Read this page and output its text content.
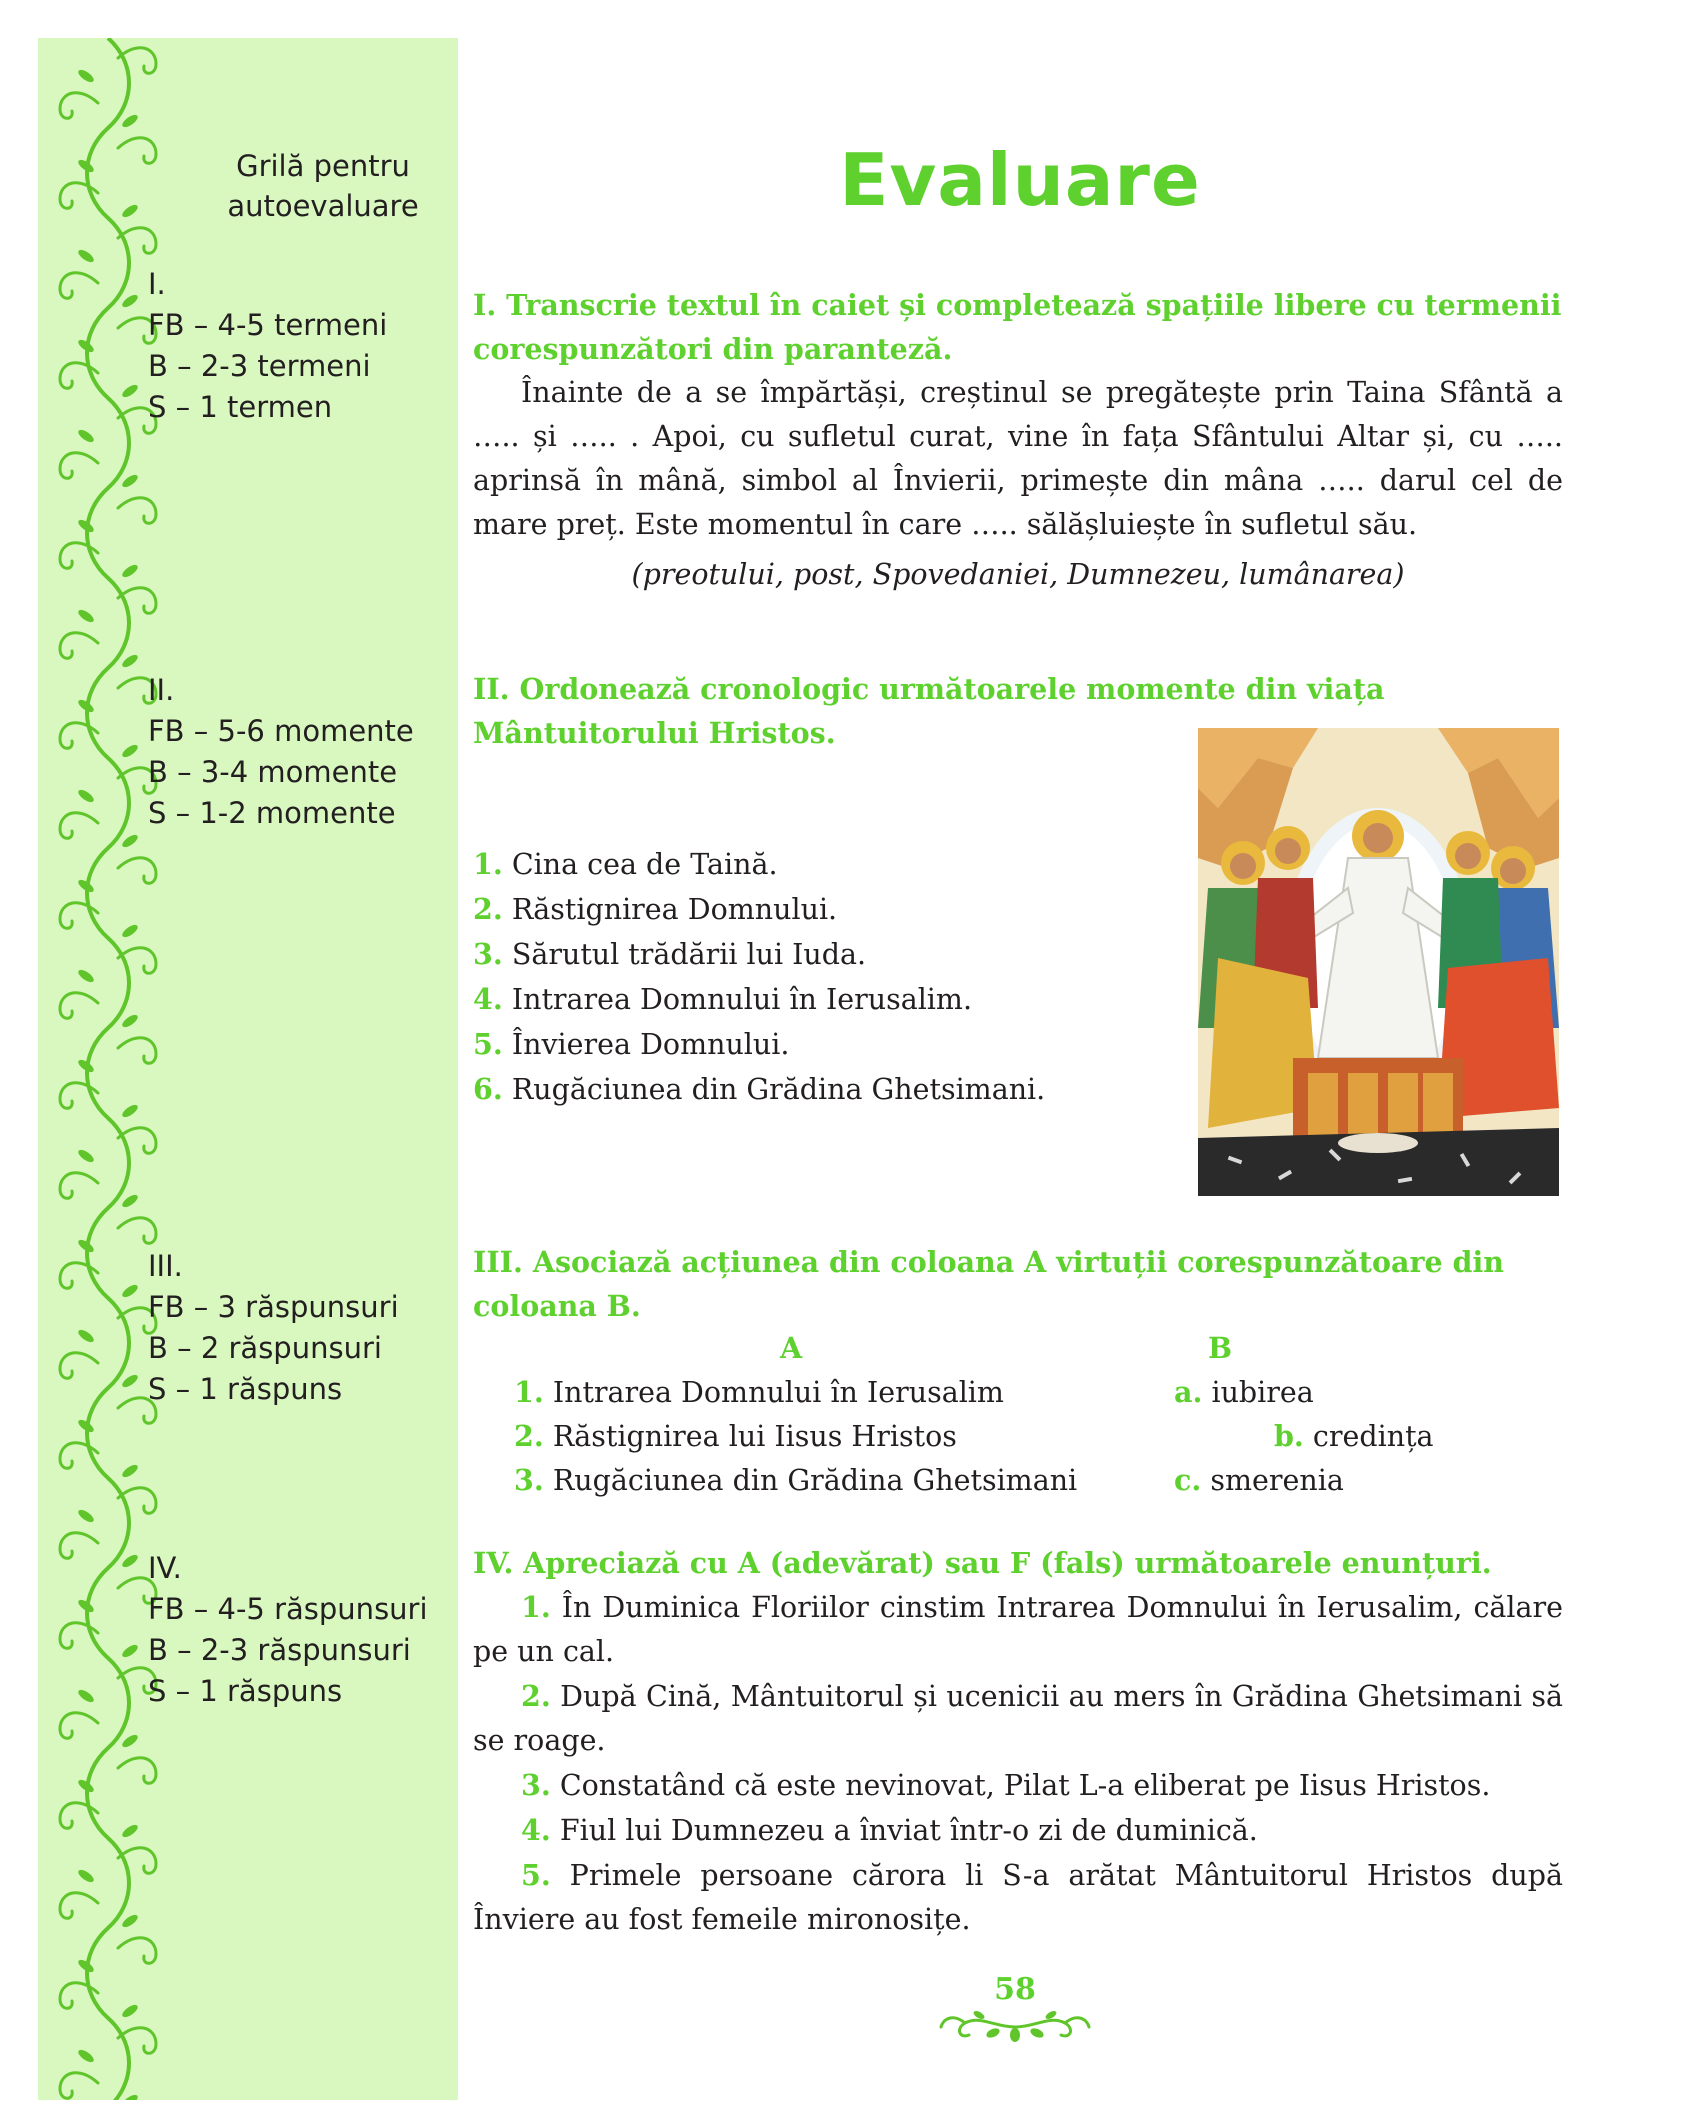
Grilă pentru
autoevaluare
I.
FB – 4-5 termeni
B – 2-3 termeni
S – 1 termen
II.
FB – 5-6 momente
B – 3-4 momente
S – 1-2 momente
III.
FB – 3 răspunsuri
B – 2 răspunsuri
S – 1 răspuns
IV.
FB – 4-5 răspunsuri
B – 2-3 răspunsuri
S – 1 răspuns
Evaluare
I. Transcrie textul în caiet și completează spațiile libere cu termenii corespunzători din paranteză.
Înainte de a se împărtăși, creștinul se pregătește prin Taina Sfântă a ….. și ….. . Apoi, cu sufletul curat, vine în fața Sfântului Altar și, cu ….. aprinsă în mână, simbol al Învierii, primește din mâna ….. darul cel de mare preț. Este momentul în care ….. sălășluiește în sufletul său.
(preotului, post, Spovedaniei, Dumnezeu, lumânarea)
II. Ordonează cronologic următoarele momente din viața Mântuitorului Hristos.
1. Cina cea de Taină.
2. Răstignirea Domnului.
3. Sărutul trădării lui Iuda.
4. Intrarea Domnului în Ierusalim.
5. Învierea Domnului.
6. Rugăciunea din Grădina Ghetsimani.
III. Asociază acțiunea din coloana A virtuții corespunzătoare din coloana B.
A	B
1. Intrarea Domnului în Ierusalim
2. Răstignirea lui Iisus Hristos
3. Rugăciunea din Grădina Ghetsimani
a. iubirea
b. credința
c. smerenia
IV. Apreciază cu A (adevărat) sau F (fals) următoarele enunțuri.
1. În Duminica Floriilor cinstim Intrarea Domnului în Ierusalim, călare pe un cal.
2. După Cină, Mântuitorul și ucenicii au mers în Grădina Ghetsimani să se roage.
3. Constatând că este nevinovat, Pilat L-a eliberat pe Iisus Hristos.
4. Fiul lui Dumnezeu a înviat într-o zi de duminică.
5. Primele persoane cărora li S-a arătat Mântuitorul Hristos după Înviere au fost femeile mironosițe.
58
